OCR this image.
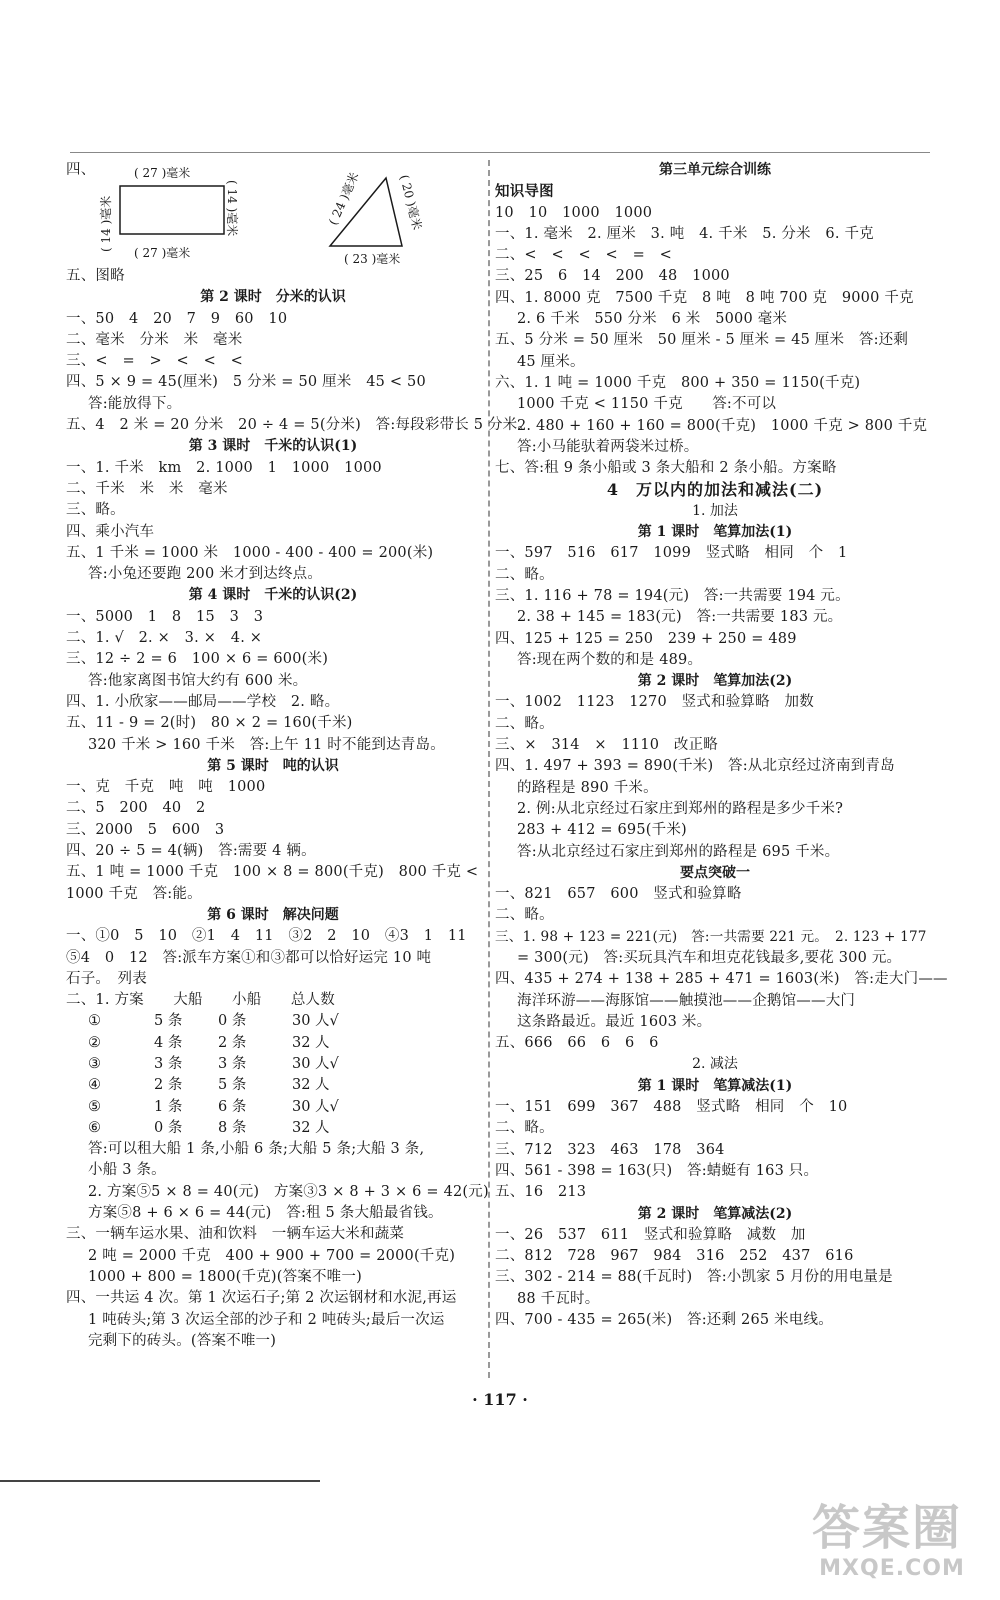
四、	( 27 )毫米
( 27 )毫米
( 14 )毫米	( 14 )毫米	( 24 )毫米	( 20 )毫米
( 23 )毫米
五、图略
第 2 课时　分米的认识
一、50　4　20　7　9　60　10
二、毫米　分米　米　毫米
三、<　=　>　<　<　<
四、5 × 9 = 45(厘米)　5 分米 = 50 厘米　45 < 50
答:能放得下。
五、4　2 米 = 20 分米　20 ÷ 4 = 5(分米)　答:每段彩带长 5 分米。
第 3 课时　千米的认识(1)
一、1. 千米　km　2. 1000　1　1000　1000
二、千米　米　米　毫米
三、略。
四、乘小汽车
五、1 千米 = 1000 米　1000 - 400 - 400 = 200(米)
答:小兔还要跑 200 米才到达终点。
第 4 课时　千米的认识(2)
一、5000　1　8　15　3　3
二、1. √　2. ×　3. ×　4. ×
三、12 ÷ 2 = 6　100 × 6 = 600(米)
答:他家离图书馆大约有 600 米。
四、1. 小欣家——邮局——学校　2. 略。
五、11 - 9 = 2(时)　80 × 2 = 160(千米)
320 千米 > 160 千米　答:上午 11 时不能到达青岛。
第 5 课时　吨的认识
一、克　千克　吨　吨　1000
二、5　200　40　2
三、2000　5　600　3
四、20 ÷ 5 = 4(辆)　答:需要 4 辆。
五、1 吨 = 1000 千克　100 × 8 = 800(千克)　800 千克 <
1000 千克　答:能。
第 6 课时　解决问题
一、①0　5　10　②1　4　11　③2　2　10　④3　1　11
⑤4　0　12　答:派车方案①和③都可以恰好运完 10 吨
石子。　列表
二、1. 方案　　大船　　小船　　总人数
①	5 条	0 条	30 人√
②	4 条	2 条	32 人
③	3 条	3 条	30 人√
④	2 条	5 条	32 人
⑤	1 条	6 条	30 人√
⑥	0 条	8 条	32 人
答:可以租大船 1 条,小船 6 条;大船 5 条;大船 3 条,
小船 3 条。
2. 方案⑤5 × 8 = 40(元)　方案③3 × 8 + 3 × 6 = 42(元)
方案⑤8 + 6 × 6 = 44(元)　答:租 5 条大船最省钱。
三、一辆车运水果、油和饮料　一辆车运大米和蔬菜
2 吨 = 2000 千克　400 + 900 + 700 = 2000(千克)
1000 + 800 = 1800(千克)(答案不唯一)
四、一共运 4 次。第 1 次运石子;第 2 次运钢材和水泥,再运
1 吨砖头;第 3 次运全部的沙子和 2 吨砖头;最后一次运
完剩下的砖头。(答案不唯一)
第三单元综合训练
知识导图
10　10　1000　1000
一、1. 毫米　2. 厘米　3. 吨　4. 千米　5. 分米　6. 千克
二、<　<　<　<　=　<
三、25　6　14　200　48　1000
四、1. 8000 克　7500 千克　8 吨　8 吨 700 克　9000 千克
2. 6 千米　550 分米　6 米　5000 毫米
五、5 分米 = 50 厘米　50 厘米 - 5 厘米 = 45 厘米　答:还剩
45 厘米。
六、1. 1 吨 = 1000 千克　800 + 350 = 1150(千克)
1000 千克 < 1150 千克　　答:不可以
2. 480 + 160 + 160 = 800(千克)　1000 千克 > 800 千克
答:小马能驮着两袋米过桥。
七、答:租 9 条小船或 3 条大船和 2 条小船。方案略
4　万以内的加法和减法(二)
1. 加法
第 1 课时　笔算加法(1)
一、597　516　617　1099　竖式略　相同　个　1
二、略。
三、1. 116 + 78 = 194(元)　答:一共需要 194 元。
2. 38 + 145 = 183(元)　答:一共需要 183 元。
四、125 + 125 = 250　239 + 250 = 489
答:现在两个数的和是 489。
第 2 课时　笔算加法(2)
一、1002　1123　1270　竖式和验算略　加数
二、略。
三、×　314　×　1110　改正略
四、1. 497 + 393 = 890(千米)　答:从北京经过济南到青岛
的路程是 890 千米。
2. 例:从北京经过石家庄到郑州的路程是多少千米?
283 + 412 = 695(千米)
答:从北京经过石家庄到郑州的路程是 695 千米。
要点突破一
一、821　657　600　竖式和验算略
二、略。
三、1. 98 + 123 = 221(元)　答:一共需要 221 元。　2. 123 + 177
= 300(元)　答:买玩具汽车和坦克花钱最多,要花 300 元。
四、435 + 274 + 138 + 285 + 471 = 1603(米)　答:走大门——
海洋环游——海豚馆——触摸池——企鹅馆——大门
这条路最近。最近 1603 米。
五、666　66　6　6　6
2. 减法
第 1 课时　笔算减法(1)
一、151　699　367　488　竖式略　相同　个　10
二、略。
三、712　323　463　178　364
四、561 - 398 = 163(只)　答:蜻蜓有 163 只。
五、16　213
第 2 课时　笔算减法(2)
一、26　537　611　竖式和验算略　减数　加
二、812　728　967　984　316　252　437　616
三、302 - 214 = 88(千瓦时)　答:小凯家 5 月份的用电量是
88 千瓦时。
四、700 - 435 = 265(米)　答:还剩 265 米电线。
· 117 ·
答案圈
MXQE.COM
